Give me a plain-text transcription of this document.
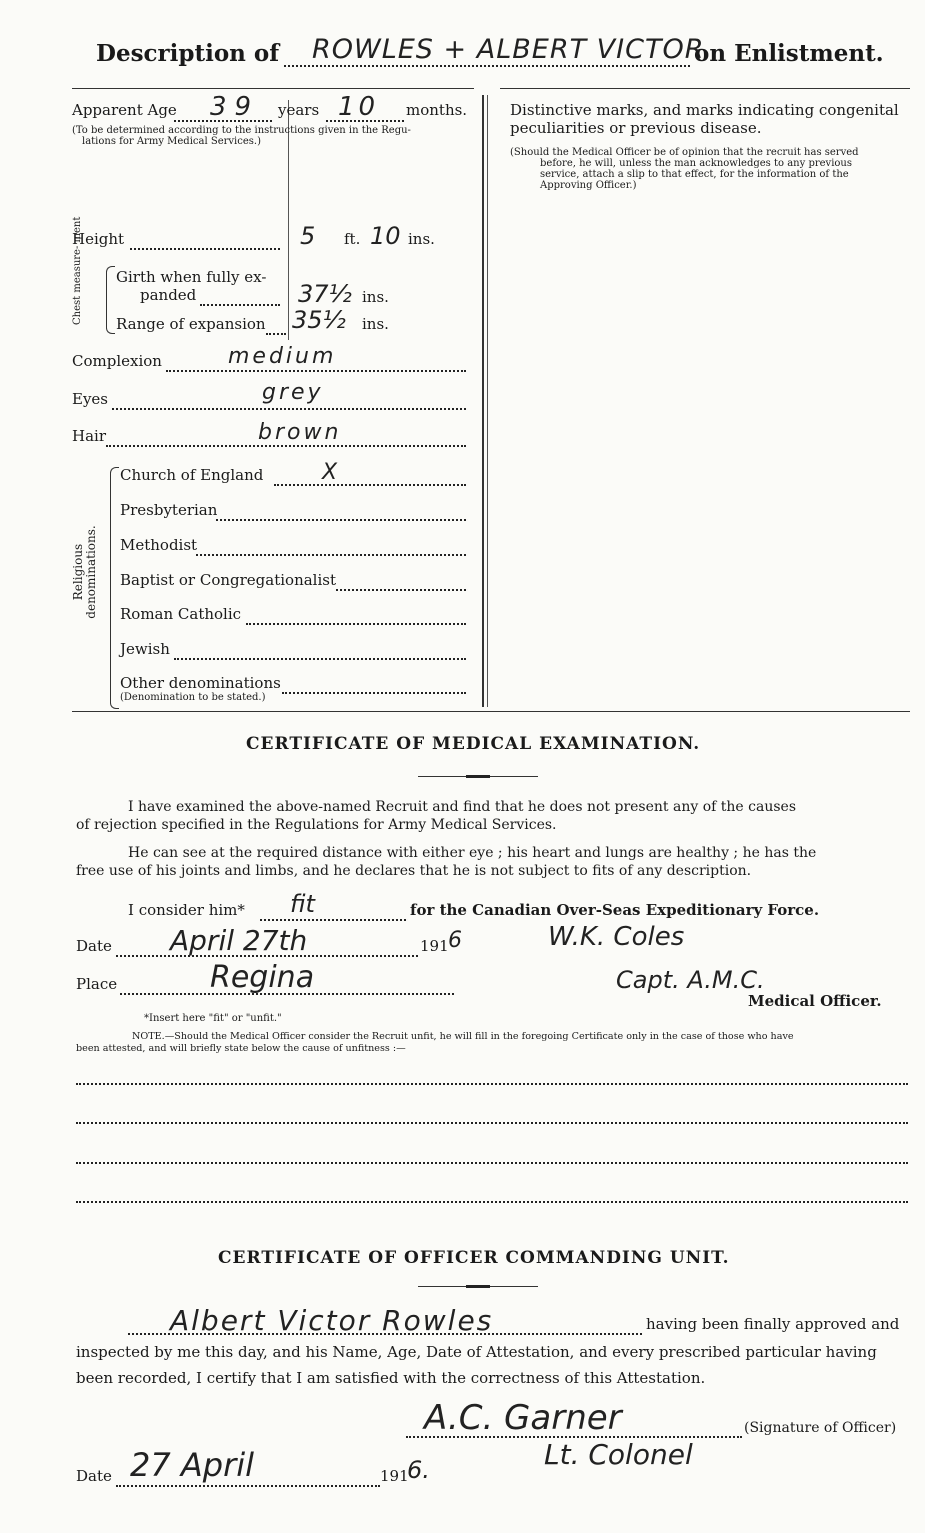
Description of ROWLES + ALBERT VICTOR
on Enlistment.
Apparent Age 39 years 10 months.
(To be determined according to the instructions given in the Regu-
lations for Army Medical Services.)
Height	5 ft. 10 ins.
Chest measure- ment Girth when fully ex-
panded	37½ ins.
Range of expansion 35½ ins.
Complexion	medium
Eyes	grey
Hair	brown
Religious
denominations.
Church of England	X
Presbyterian
Methodist
Baptist or Congregationalist
Roman Catholic
Jewish
Other denominations
(Denomination to be stated.)
Distinctive marks, and marks indicating congenital
peculiarities or previous disease.
(Should the Medical Officer be of opinion that the recruit has served
before, he will, unless the man acknowledges to any previous
service, attach a slip to that effect, for the information of the
Approving Officer.)
CERTIFICATE OF MEDICAL EXAMINATION.
I have examined the above-named Recruit and find that he does not present any of the causes
of rejection specified in the Regulations for Army Medical Services.
He can see at the required distance with either eye ; his heart and lungs are healthy ; he has the
free use of his joints and limbs, and he declares that he is not subject to fits of any description.
I consider him* fit	for the Canadian Over-Seas Expeditionary Force.
Date April 27th	191 6	W.K. Coles
Place	Regina	Capt. A.M.C.
Medical Officer.
*Insert here "fit" or "unfit."
NOTE.—Should the Medical Officer consider the Recruit unfit, he will fill in the foregoing Certificate only in the case of those who have
been attested, and will briefly state below the cause of unfitness :—
CERTIFICATE OF OFFICER COMMANDING UNIT.
Albert Victor Rowles	having been finally approved and
inspected by me this day, and his Name, Age, Date of Attestation, and every prescribed particular having
been recorded, I certify that I am satisfied with the correctness of this Attestation.
A.C. Garner	(Signature of Officer)
Lt. Colonel
Date 27 April	191
6.
